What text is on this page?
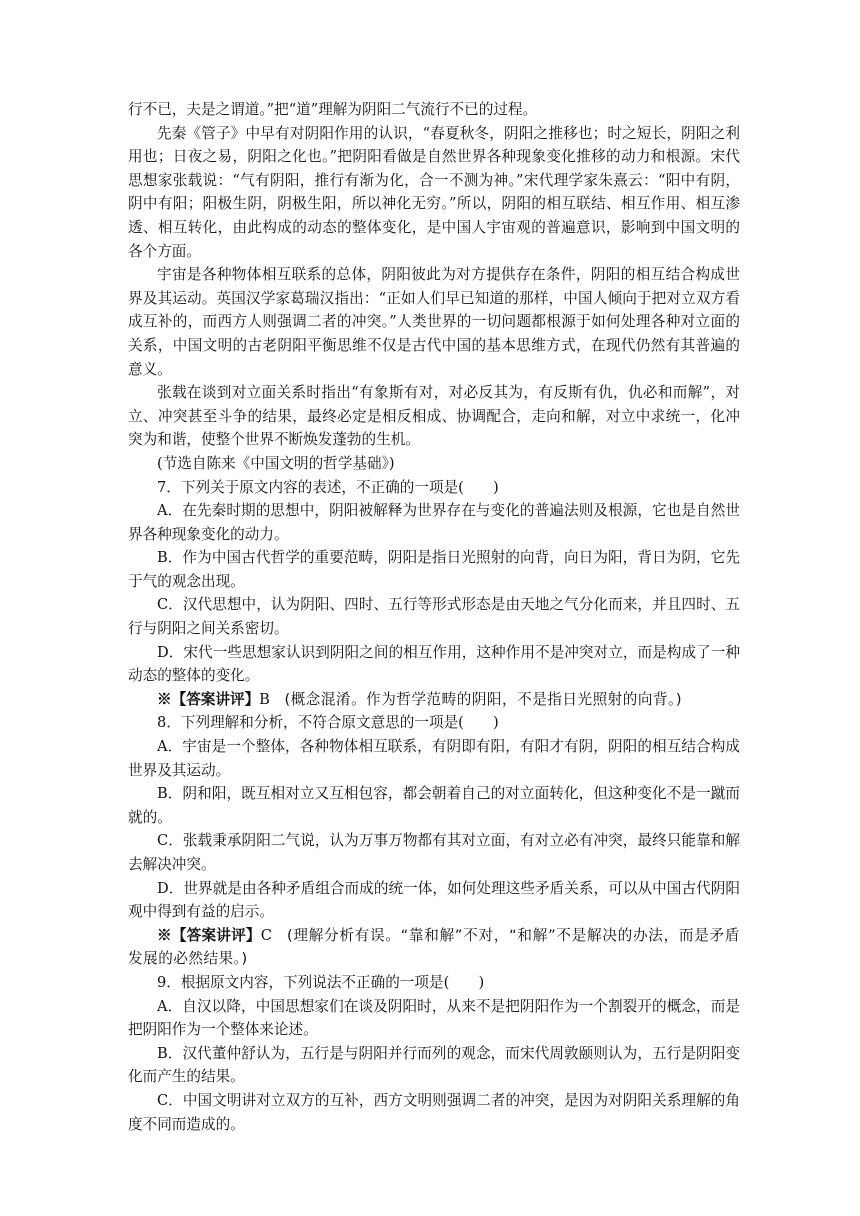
行不已，夫是之谓道。”把“道”理解为阴阳二气流行不已的过程。

先秦《管子》中早有对阴阳作用的认识，“春夏秋冬，阴阳之推移也；时之短长，阴阳之利用也；日夜之易，阴阳之化也。”把阴阳看做是自然世界各种现象变化推移的动力和根源。宋代思想家张载说：“气有阴阳，推行有渐为化，合一不测为神。”宋代理学家朱熹云：“阳中有阴，阴中有阳；阳极生阴，阴极生阳，所以神化无穷。”所以，阴阳的相互联结、相互作用、相互渗透、相互转化，由此构成的动态的整体变化，是中国人宇宙观的普遍意识，影响到中国文明的各个方面。

宇宙是各种物体相互联系的总体，阴阳彼此为对方提供存在条件，阴阳的相互结合构成世界及其运动。英国汉学家葛瑞汉指出：“正如人们早已知道的那样，中国人倾向于把对立双方看成互补的，而西方人则强调二者的冲突。”人类世界的一切问题都根源于如何处理各种对立面的关系，中国文明的古老阴阳平衡思维不仅是古代中国的基本思维方式，在现代仍然有其普遍的意义。

张载在谈到对立面关系时指出“有象斯有对，对必反其为，有反斯有仇，仇必和而解”，对立、冲突甚至斗争的结果，最终必定是相反相成、协调配合，走向和解，对立中求统一，化冲突为和谐，使整个世界不断焕发蓬勃的生机。

(节选自陈来《中国文明的哲学基础》)

7．下列关于原文内容的表述，不正确的一项是(　　)

A．在先秦时期的思想中，阴阳被解释为世界存在与变化的普遍法则及根源，它也是自然世界各种现象变化的动力。

B．作为中国古代哲学的重要范畴，阴阳是指日光照射的向背，向日为阳，背日为阴，它先于气的观念出现。

C．汉代思想中，认为阴阳、四时、五行等形式形态是由天地之气分化而来，并且四时、五行与阴阳之间关系密切。

D．宋代一些思想家认识到阴阳之间的相互作用，这种作用不是冲突对立，而是构成了一种动态的整体的变化。

※【答案讲评】B　 (概念混淆。作为哲学范畴的阴阳，不是指日光照射的向背。)

8．下列理解和分析，不符合原文意思的一项是(　　)

A．宇宙是一个整体，各种物体相互联系，有阴即有阳，有阳才有阴，阴阳的相互结合构成世界及其运动。

B．阴和阳，既互相对立又互相包容，都会朝着自己的对立面转化，但这种变化不是一蹴而就的。

C．张载秉承阴阳二气说，认为万事万物都有其对立面，有对立必有冲突，最终只能靠和解去解决冲突。

D．世界就是由各种矛盾组合而成的统一体，如何处理这些矛盾关系，可以从中国古代阴阳观中得到有益的启示。

※【答案讲评】C　 (理解分析有误。“靠和解”不对，“和解”不是解决的办法，而是矛盾发展的必然结果。)

9．根据原文内容，下列说法不正确的一项是(　　)

A．自汉以降，中国思想家们在谈及阴阳时，从来不是把阴阳作为一个割裂开的概念，而是把阴阳作为一个整体来论述。

B．汉代董仲舒认为，五行是与阴阳并行而列的观念，而宋代周敦颐则认为，五行是阴阳变化而产生的结果。

C．中国文明讲对立双方的互补，西方文明则强调二者的冲突，是因为对阴阳关系理解的角度不同而造成的。
